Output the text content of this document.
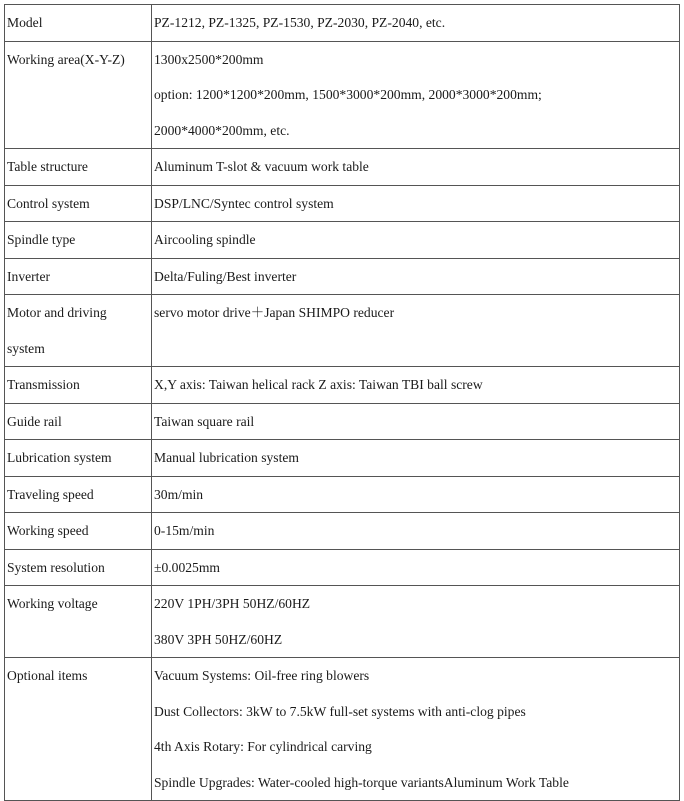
Model	PZ-1212, PZ-1325, PZ-1530, PZ-2030, PZ-2040, etc.

Working area(X-Y-Z)	1300x2500*200mm
option: 1200*1200*200mm, 1500*3000*200mm, 2000*3000*200mm;
2000*4000*200mm, etc.

Table structure	Aluminum T-slot & vacuum work table

Control system	DSP/LNC/Syntec control system

Spindle type	Aircooling spindle

Inverter	Delta/Fuling/Best inverter

Motor and driving
system	servo motor drive＋Japan SHIMPO reducer

Transmission	X,Y axis: Taiwan helical rack Z axis: Taiwan TBI ball screw

Guide rail	Taiwan square rail

Lubrication system	Manual lubrication system

Traveling speed	30m/min

Working speed	0-15m/min

System resolution	±0.0025mm

Working voltage	220V 1PH/3PH 50HZ/60HZ
380V 3PH 50HZ/60HZ

Optional items	Vacuum Systems: Oil-free ring blowers
Dust Collectors: 3kW to 7.5kW full-set systems with anti-clog pipes
4th Axis Rotary: For cylindrical carving
Spindle Upgrades: Water-cooled high-torque variantsAluminum Work Table
